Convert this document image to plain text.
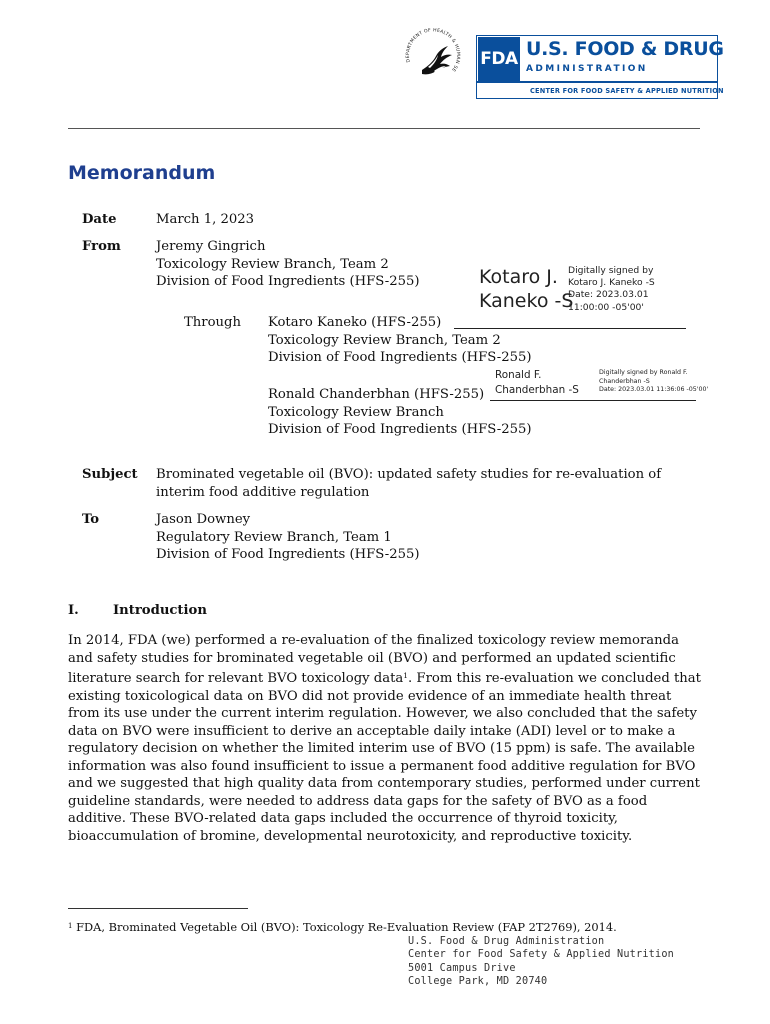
DEPARTMENT OF HEALTH & HUMAN SE
FDA U.S. FOOD & DRUG
ADMINISTRATION
CENTER FOR FOOD SAFETY & APPLIED NUTRITION
Memorandum
Date	March 1, 2023
From	Jeremy Gingrich
Toxicology Review Branch, Team 2
Division of Food Ingredients (HFS-255)	Kotaro J.
Kaneko -S
Digitally signed by
Kotaro J. Kaneko -S
Date: 2023.03.01
11:00:00 -05'00'
Through Kotaro Kaneko (HFS-255)
Toxicology Review Branch, Team 2
Division of Food Ingredients (HFS-255)
Ronald F.
Chanderbhan -S
Digitally signed by Ronald F.
Chanderbhan -S
Date: 2023.03.01 11:36:06 -05'00'
Ronald Chanderbhan (HFS-255)
Toxicology Review Branch
Division of Food Ingredients (HFS-255)
Subject Brominated vegetable oil (BVO): updated safety studies for re-evaluation of
interim food additive regulation
To	Jason Downey
Regulatory Review Branch, Team 1
Division of Food Ingredients (HFS-255)
I.	Introduction
In 2014, FDA (we) performed a re-evaluation of the finalized toxicology review memoranda and safety studies for brominated vegetable oil (BVO) and performed an updated scientific literature search for relevant BVO toxicology data$^1$. From this re-evaluation we concluded that existing toxicological data on BVO did not provide evidence of an immediate health threat from its use under the current interim regulation. However, we also concluded that the safety data on BVO were insufficient to derive an acceptable daily intake (ADI) level or to make a regulatory decision on whether the limited interim use of BVO (15 ppm) is safe. The available information was also found insufficient to issue a permanent food additive regulation for BVO and we suggested that high quality data from contemporary studies, performed under current guideline standards, were needed to address data gaps for the safety of BVO as a food additive. These BVO-related data gaps included the occurrence of thyroid toxicity, bioaccumulation of bromine, developmental neurotoxicity, and reproductive toxicity.
$^1$ FDA, Brominated Vegetable Oil (BVO): Toxicology Re-Evaluation Review (FAP 2T2769), 2014.
U.S. Food & Drug Administration
Center for Food Safety & Applied Nutrition
5001 Campus Drive
College Park, MD 20740
